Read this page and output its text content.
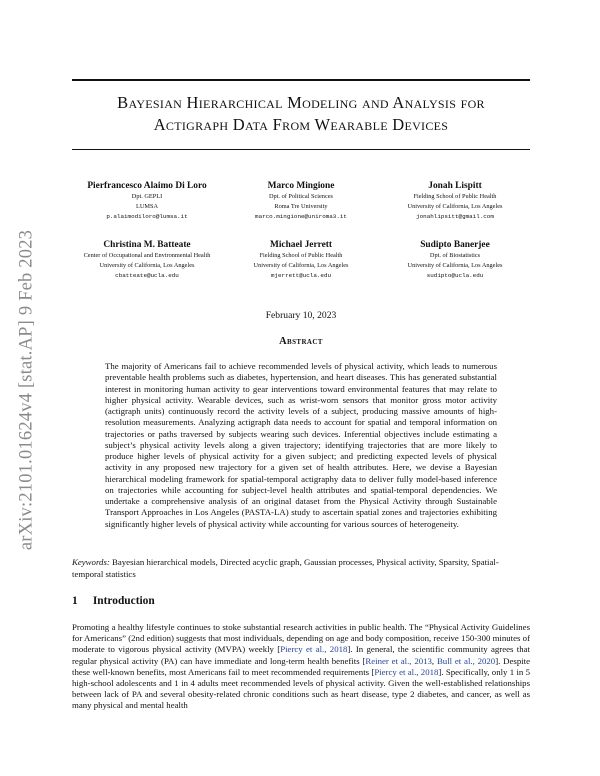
arXiv:2101.01624v4 [stat.AP] 9 Feb 2023
Bayesian Hierarchical Modeling and Analysis for
Actigraph Data From Wearable Devices
Pierfrancesco Alaimo Di Loro
Dpt. GEPLI
LUMSA
p.alaimodiloro@lumsa.it
Marco Mingione
Dpt. of Political Sciences
Roma Tre University
marco.mingione@uniroma3.it
Jonah Lispitt
Fielding School of Public Health
University of California, Los Angeles
jonahlipsitt@gmail.com
Christina M. Batteate
Center of Occupational and Environmental Health
University of California, Los Angeles
cbatteate@ucla.edu
Michael Jerrett
Fielding School of Public Health
University of California, Los Angeles
mjerrett@ucla.edu
Sudipto Banerjee
Dpt. of Biostatistics
University of California, Los Angeles
sudipto@ucla.edu
February 10, 2023
Abstract
The majority of Americans fail to achieve recommended levels of physical activity, which leads to numerous preventable health problems such as diabetes, hypertension, and heart diseases. This has generated substantial interest in monitoring human activity to gear interventions toward environmental features that may relate to higher physical activity. Wearable devices, such as wrist-worn sensors that monitor gross motor activity (actigraph units) continuously record the activity levels of a subject, producing massive amounts of high-resolution measurements. Analyzing actigraph data needs to account for spatial and temporal information on trajectories or paths traversed by subjects wearing such devices. Inferential objectives include estimating a subject’s physical activity levels along a given trajectory; identifying trajectories that are more likely to produce higher levels of physical activity for a given subject; and predicting expected levels of physical activity in any proposed new trajectory for a given set of health attributes. Here, we devise a Bayesian hierarchical modeling framework for spatial-temporal actigraphy data to deliver fully model-based inference on trajectories while accounting for subject-level health attributes and spatial-temporal dependencies. We undertake a comprehensive analysis of an original dataset from the Physical Activity through Sustainable Transport Approaches in Los Angeles (PASTA-LA) study to ascertain spatial zones and trajectories exhibiting significantly higher levels of physical activity while accounting for various sources of heterogeneity.
Keywords: Bayesian hierarchical models, Directed acyclic graph, Gaussian processes, Physical activity, Sparsity, Spatial-temporal statistics
1 Introduction
Promoting a healthy lifestyle continues to stoke substantial research activities in public health. The “Physical Activity Guidelines for Americans” (2nd edition) suggests that most individuals, depending on age and body composition, receive 150-300 minutes of moderate to vigorous physical activity (MVPA) weekly [Piercy et al., 2018]. In general, the scientific community agrees that regular physical activity (PA) can have immediate and long-term health benefits [Reiner et al., 2013, Bull et al., 2020]. Despite these well-known benefits, most Americans fail to meet recommended requirements [Piercy et al., 2018]. Specifically, only 1 in 5 high-school adolescents and 1 in 4 adults meet recommended levels of physical activity. Given the well-established relationships between lack of PA and several obesity-related chronic conditions such as heart disease, type 2 diabetes, and cancer, as well as many physical and mental health
